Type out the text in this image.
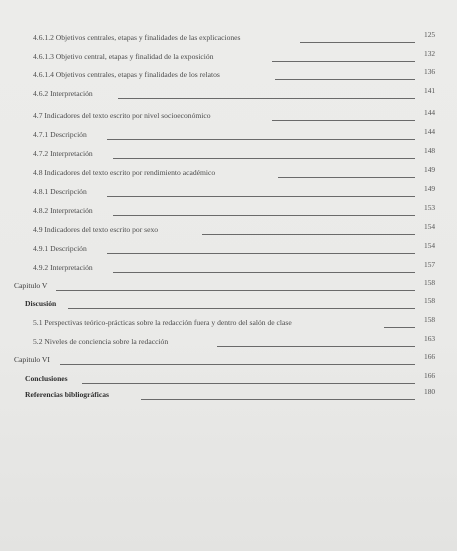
4.6.1.2 Objetivos centrales, etapas y finalidades de las explicaciones	125
4.6.1.3 Objetivo central, etapas y finalidad de la exposición	132
4.6.1.4 Objetivos centrales, etapas y finalidades de los relatos	136
4.6.2 Interpretación	141
4.7 Indicadores del texto escrito por nivel socioeconómico	144
4.7.1 Descripción	144
4.7.2 Interpretación	148
4.8 Indicadores del texto escrito por rendimiento académico	149
4.8.1 Descripción	149
4.8.2 Interpretación	153
4.9 Indicadores del texto escrito por sexo	154
4.9.1 Descripción	154
4.9.2 Interpretación	157
Capitulo V	158
Discusión	158
5.1 Perspectivas teórico-prácticas sobre la redacción fuera y dentro del salón de clase	158
5.2 Niveles de conciencia sobre la redacción	163
Capitulo VI	166
Conclusiones	166
Referencias bibliográficas	180
